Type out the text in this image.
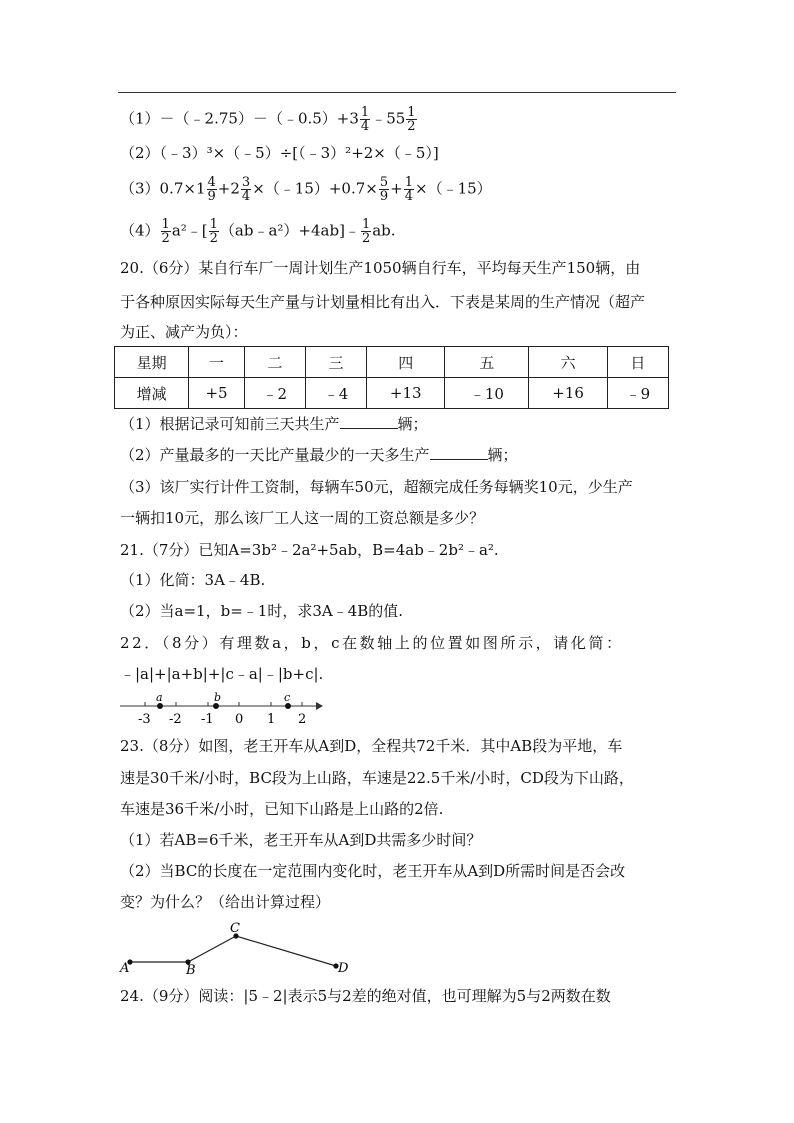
（1）－（﹣2.75）－（﹣0.5）+3 $\frac{1}{4}$ ﹣55 $\frac{1}{2}$
（2）（﹣3）³×（﹣5）÷[（﹣3）²+2×（﹣5）]
$(3)0.7\times 1 \frac{4}{9} +2 \frac{3}{4}$ ×（﹣15）+0.7× $\frac{5}{9} + \frac{1}{4}$ ×（﹣15）
$(4) \frac{1}{2}$ a²﹣[ $\frac{1}{2}$ （ab﹣a²）+4ab]﹣ $\frac{1}{2}$ ab.
20.（6分）某自行车厂一周计划生产1050辆自行车，平均每天生产150辆，由
于各种原因实际每天生产量与计划量相比有出入．下表是某周的生产情况（超产
为正、减产为负）：
星期	一	二	三	四	五	六	日
增减	+5	﹣2	﹣4	+13	﹣10	+16	﹣9
（1）根据记录可知前三天共生产	辆；
（2）产量最多的一天比产量最少的一天多生产	辆；
（3）该厂实行计件工资制，每辆车50元，超额完成任务每辆奖10元，少生产
一辆扣10元，那么该厂工人这一周的工资总额是多少？
21.（7分）已知A=3b²﹣2a²+5ab，B=4ab﹣2b²﹣a².
（1）化简：3A﹣4B.
（2）当a=1，b=﹣1时，求3A﹣4B的值.
22．（8分）有理数a，b，c在数轴上的位置如图所示，请化简：
﹣|a|+|a+b|+|c﹣a|﹣|b+c|.
a	b	c
-3 -2 -1 0 1 2
23.（8分）如图，老王开车从A到D，全程共72千米．其中AB段为平地，车
速是30千米/小时，BC段为上山路，车速是22.5千米/小时，CD段为下山路，
车速是36千米/小时，已知下山路是上山路的2倍.
（1）若AB=6千米，老王开车从A到D共需多少时间？
（2）当BC的长度在一定范围内变化时，老王开车从A到D所需时间是否会改
变？为什么？（给出计算过程）
A	B
C
D
24.（9分）阅读：|5﹣2|表示5与2差的绝对值，也可理解为5与2两数在数
